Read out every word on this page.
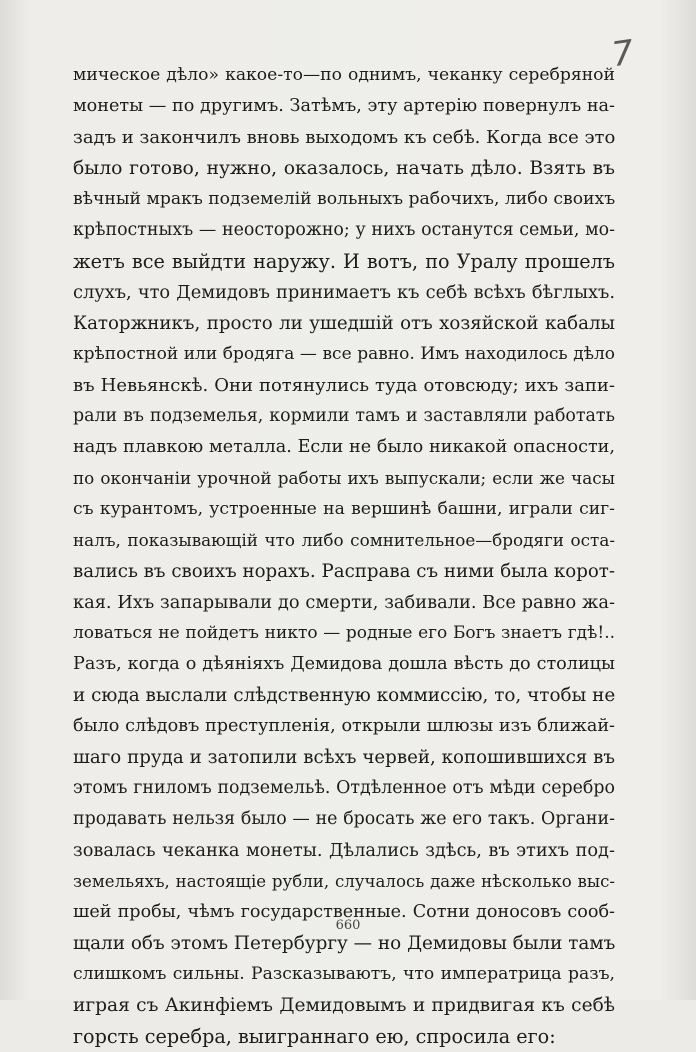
7
мическое дѣло» какое-то—по однимъ, чеканку серебряной
монеты — по другимъ. Затѣмъ, эту артерію повернулъ на-
задъ и закончилъ вновь выходомъ къ себѣ. Когда все это
было готово, нужно, оказалось, начать дѣло. Взять въ
вѣчный мракъ подземелій вольныхъ рабочихъ, либо своихъ
крѣпостныхъ — неосторожно; у нихъ останутся семьи, мо-
жетъ все выйдти наружу. И вотъ, по Уралу прошелъ
слухъ, что Демидовъ принимаетъ къ себѣ всѣхъ бѣглыхъ.
Каторжникъ, просто ли ушедшій отъ хозяйской кабалы
крѣпостной или бродяга — все равно. Имъ находилось дѣло
въ Невьянскѣ. Они потянулись туда отовсюду; ихъ запи-
рали въ подземелья, кормили тамъ и заставляли работать
надъ плавкою металла. Если не было никакой опасности,
по окончаніи урочной работы ихъ выпускали; если же часы
съ курантомъ, устроенные на вершинѣ башни, играли сиг-
налъ, показывающій что либо сомнительное—бродяги оста-
вались въ своихъ норахъ. Расправа съ ними была корот-
кая. Ихъ запарывали до смерти, забивали. Все равно жа-
ловаться не пойдетъ никто — родные его Богъ знаетъ гдѣ!..
Разъ, когда о дѣяніяхъ Демидова дошла вѣсть до столицы
и сюда выслали слѣдственную коммиссію, то, чтобы не
было слѣдовъ преступленія, открыли шлюзы изъ ближай-
шаго пруда и затопили всѣхъ червей, копошившихся въ
этомъ гниломъ подземельѣ. Отдѣленное отъ мѣди серебро
продавать нельзя было — не бросать же его такъ. Органи-
зовалась чеканка монеты. Дѣлались здѣсь, въ этихъ под-
земельяхъ, настоящіе рубли, случалось даже нѣсколько выс-
шей пробы, чѣмъ государственные. Сотни доносовъ сооб-
щали объ этомъ Петербургу — но Демидовы были тамъ
слишкомъ сильны. Разсказываютъ, что императрица разъ,
играя съ Акинфіемъ Демидовымъ и придвигая къ себѣ
горсть серебра, выиграннаго ею, спросила его:
660
